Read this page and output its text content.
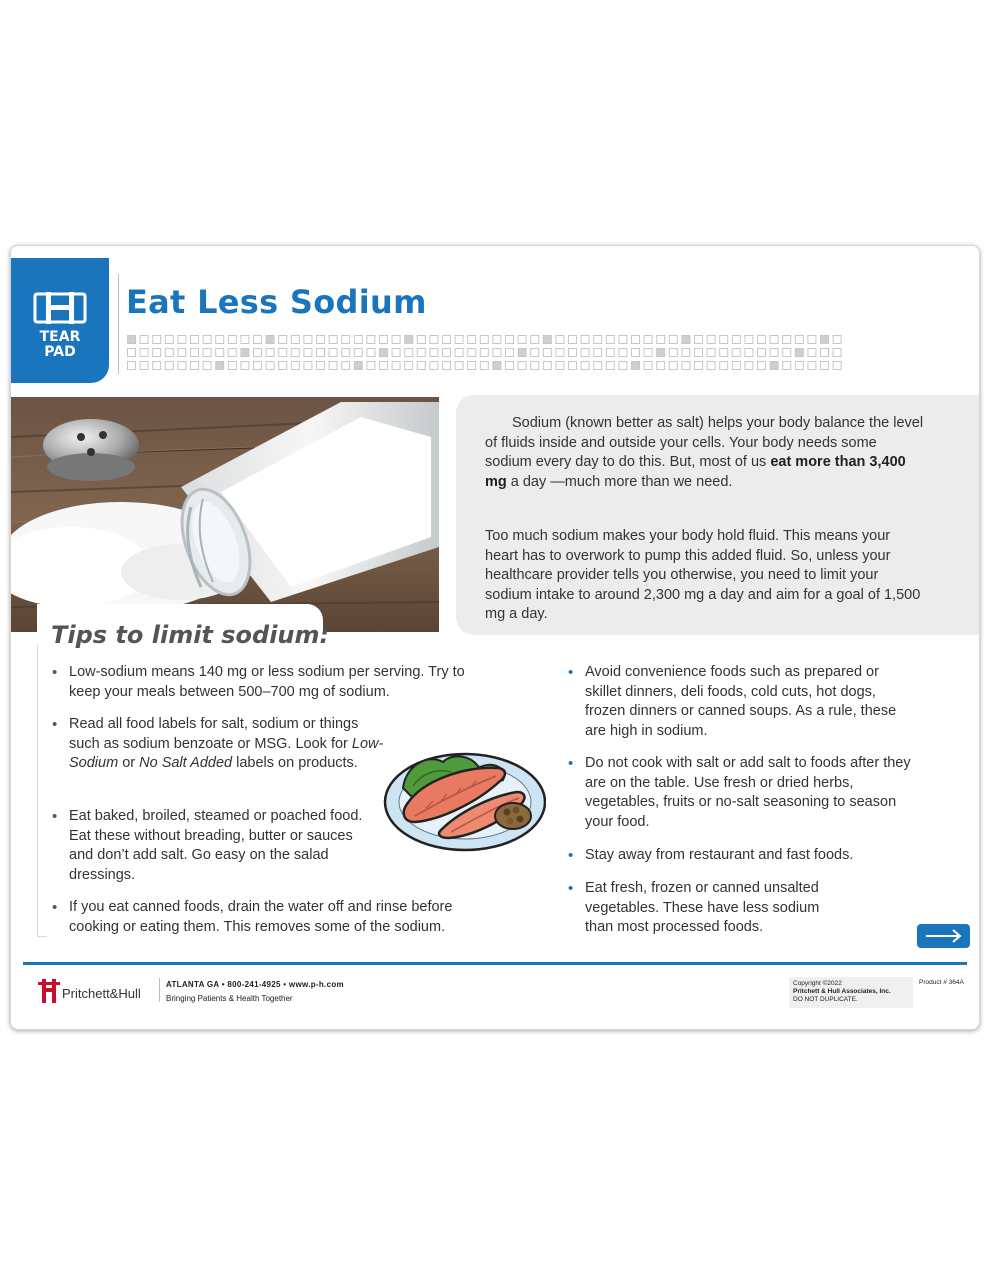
TEAR
PAD
Eat Less Sodium

Sodium (known better as salt) helps your body balance the level of fluids inside and outside your cells. Your body needs some sodium every day to do this. But, most of us eat more than 3,400 mg a day —much more than we need.

Too much sodium makes your body hold fluid. This means your heart has to overwork to pump this added fluid. So, unless your healthcare provider tells you otherwise, you need to limit your sodium intake to around 2,300 mg a day and aim for a goal of 1,500 mg a day.

Tips to limit sodium:
• Low-sodium means 140 mg or less sodium per serving. Try to keep your meals between 500–700 mg of sodium.
• Read all food labels for salt, sodium or things such as sodium benzoate or MSG. Look for Low-Sodium or No Salt Added labels on products.
• Eat baked, broiled, steamed or poached food. Eat these without breading, butter or sauces and don’t add salt. Go easy on the salad dressings.
• If you eat canned foods, drain the water off and rinse before cooking or eating them. This removes some of the sodium.
• Avoid convenience foods such as prepared or skillet dinners, deli foods, cold cuts, hot dogs, frozen dinners or canned soups. As a rule, these are high in sodium.
• Do not cook with salt or add salt to foods after they are on the table. Use fresh or dried herbs, vegetables, fruits or no-salt seasoning to season your food.
• Stay away from restaurant and fast foods.
• Eat fresh, frozen or canned unsalted vegetables. These have less sodium than most processed foods.
Pritchett&Hull
ATLANTA GA • 800-241-4925 • www.p-h.com
Bringing Patients & Health Together
Copyright ©2022
Pritchett & Hull Associates, Inc.
DO NOT DUPLICATE.
Product # 364A
